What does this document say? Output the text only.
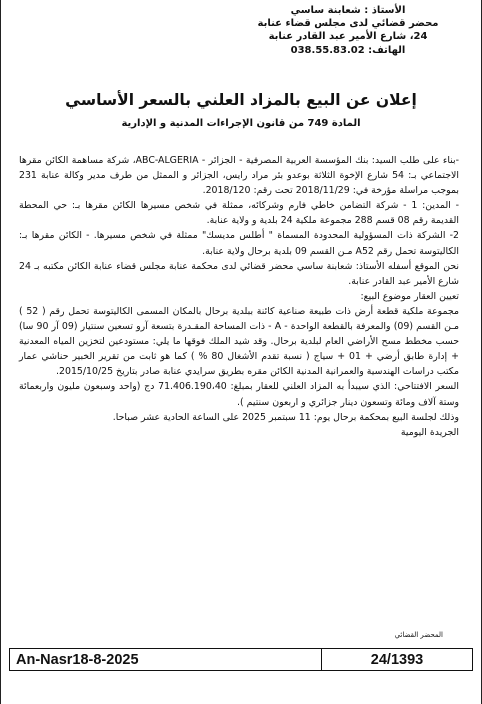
الأستاذ : شعابنة ساسي
محضر قضائي لدى مجلس قضاء عنابة
24، شارع الأمير عبد القادر عنابة
الهاتف: 038.55.83.02
إعلان عن البيع بالمزاد العلني بالسعر الأساسي
المادة 749 من قانون الإجراءات المدنية و الإدارية

-بناء على طلب السيد: بنك المؤسسة العربية المصرفية - الجزائر - ABC-ALGERIA، شركة مساهمة الكائن مقرها الاجتماعي بـ: 54 شارع الإخوة الثلاثة بوعدو بئر مراد رايس، الجزائر و الممثل من طرف مدير وكالة عنابة 231 بموجب مراسلة مؤرخة في: 2018/11/29 تحت رقم: 2018/120.

- المدين: 1 - شركة التضامن خاطي فارم وشركائه، ممثلة في شخص مسيرها الكائن مقرها بـ: حي المحطة القديمة رقم 08 قسم 288 مجموعة ملكية 24 بلدية و ولاية عنابة.

2- الشركة ذات المسؤولية المحدودة المسماة " أطلس مديسك" ممثلة في شخص مسيرها. - الكائن مقرها بـ: الكاليتوسة تحمل رقم A52 مـن القسم 09 بلدية برحال ولاية عنابة.

نحن الموقع أسفله الأستاذ: شعابنة ساسي محضر قضائي لدى محكمة عنابة مجلس قضاء عنابة الكائن مكتبه بـ 24 شارع الأمير عبد القادر عنابة.

تعيين العقار موضوع البيع:

مجموعة ملكية قطعة أرض ذات طبيعة صناعية كائنة ببلدية برحال بالمكان المسمى الكاليتوسة تحمل رقم ( 52 ) مـن القسم (09) والمعرفة بالقطعة الواحدة - A - ذات المساحة المقـدرة بتسعة آرو تسعين سنتيار (09 آر 90 سا) حسب مخطط مسح الأراضي العام لبلدية برحال. وقد شيد الملك فوقها ما يلي: مستودعين لتخزين المياه المعدنية + إدارة طابق أرضي + 01 + سياج ( نسبة تقدم الأشغال 80 % ) كما هو ثابت من تقرير الخبير حناشي عمار مكتب دراسات الهندسية والعمرانية المدنية الكائن مقره بطريق سرايدي عنابة صادر بتاريخ 2015/10/25.

السعر الافتتاحي: الذي سيبدأ به المزاد العلني للعقار بمبلغ: 71.406.190،40 دج (واحد وسبعون مليون واربعمائة وستة آلاف ومائة وتسعون دينار جزائري و اربعون سنتيم ).

وذلك لجلسة البيع بمحكمة برحال يوم: 11 سبتمبر 2025 على الساعة الحادية عشر صباحا.

الجريدة اليومية

المحضر القضائي
An-Nasr18-8-2025	24/1393
